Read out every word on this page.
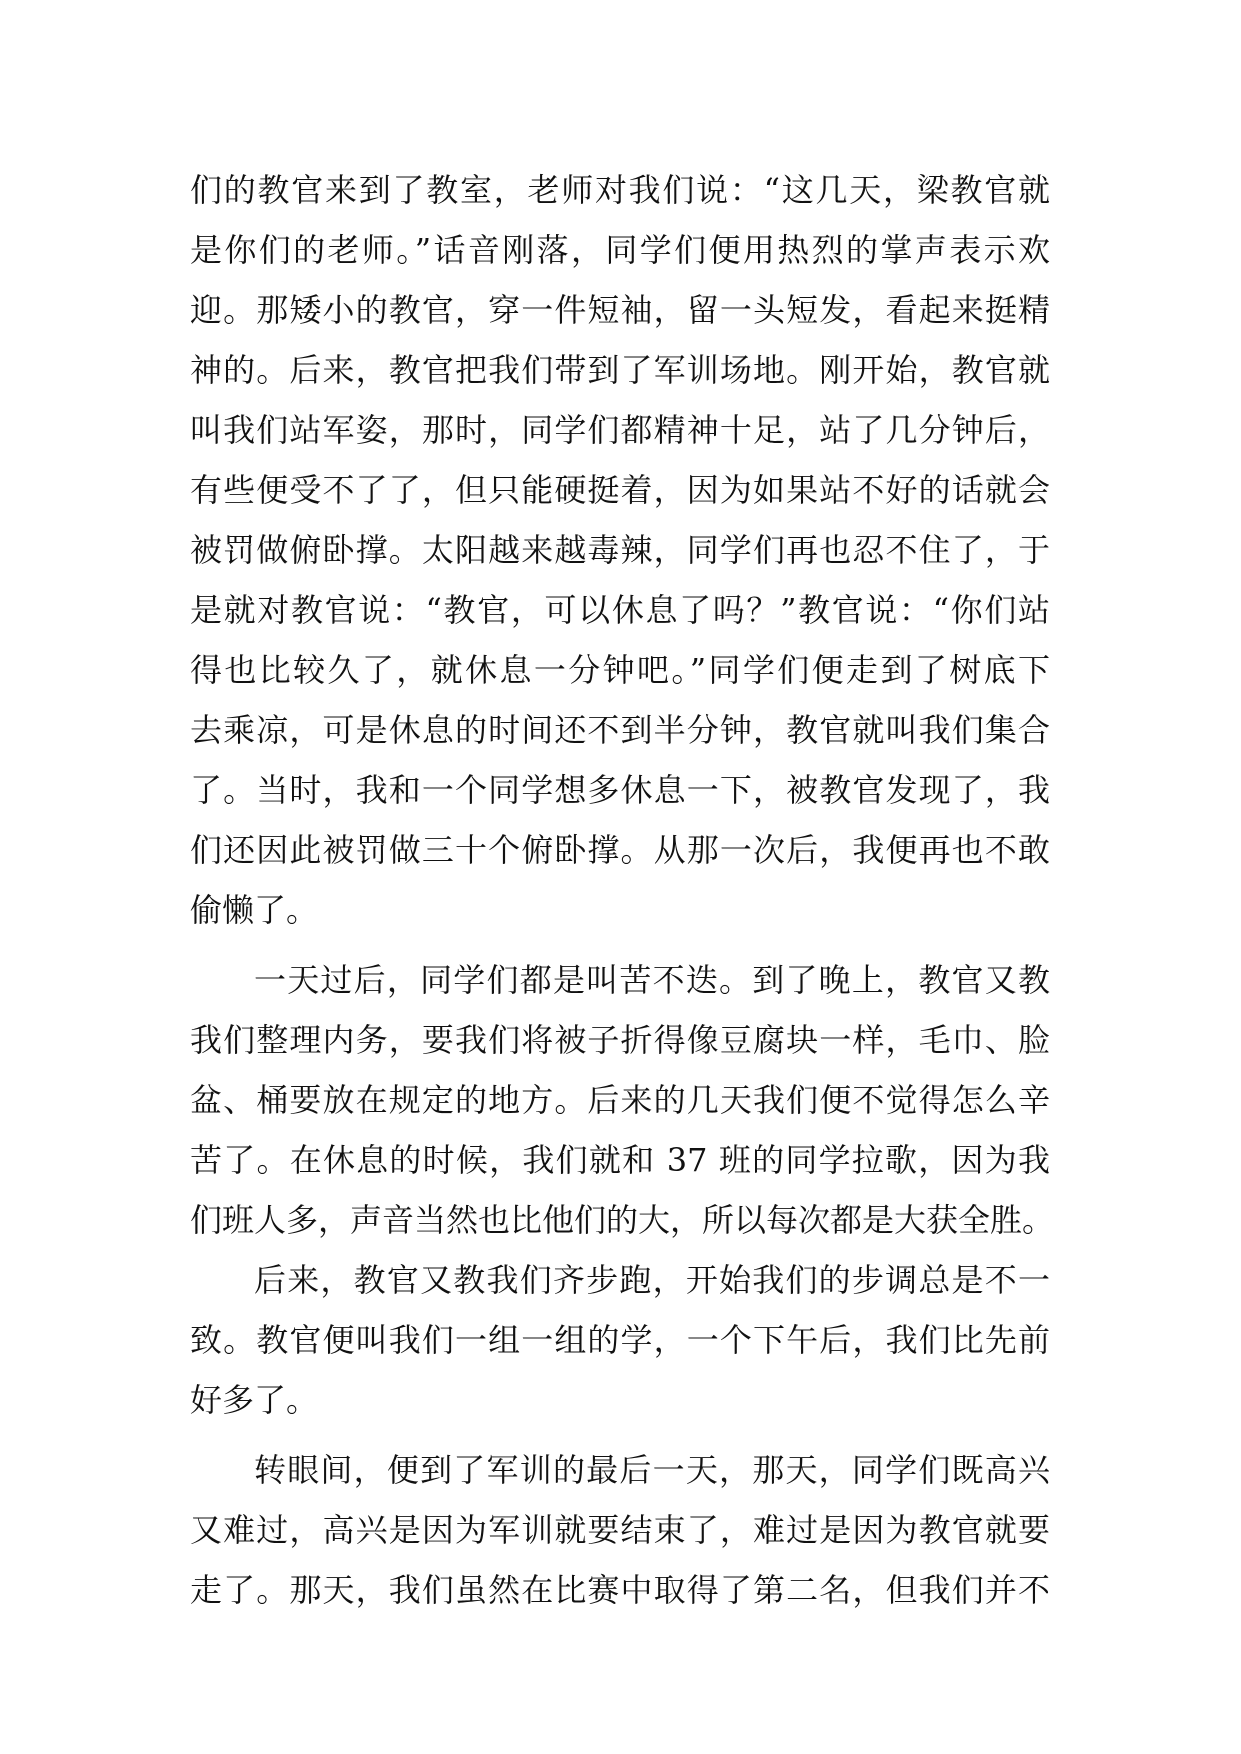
们的教官来到了教室，老师对我们说：“这几天，梁教官就
是你们的老师。”话音刚落，同学们便用热烈的掌声表示欢
迎。那矮小的教官，穿一件短袖，留一头短发，看起来挺精
神的。后来，教官把我们带到了军训场地。刚开始，教官就
叫我们站军姿，那时，同学们都精神十足，站了几分钟后，
有些便受不了了，但只能硬挺着，因为如果站不好的话就会
被罚做俯卧撑。太阳越来越毒辣，同学们再也忍不住了，于
是就对教官说：“教官，可以休息了吗？”教官说：“你们站
得也比较久了，就休息一分钟吧。”同学们便走到了树底下
去乘凉，可是休息的时间还不到半分钟，教官就叫我们集合
了。当时，我和一个同学想多休息一下，被教官发现了，我
们还因此被罚做三十个俯卧撑。从那一次后，我便再也不敢
偷懒了。
一天过后，同学们都是叫苦不迭。到了晚上，教官又教
我们整理内务，要我们将被子折得像豆腐块一样，毛巾、脸
盆、桶要放在规定的地方。后来的几天我们便不觉得怎么辛
苦了。在休息的时候，我们就和 37 班的同学拉歌，因为我
们班人多，声音当然也比他们的大，所以每次都是大获全胜。
后来，教官又教我们齐步跑，开始我们的步调总是不一
致。教官便叫我们一组一组的学，一个下午后，我们比先前
好多了。
转眼间，便到了军训的最后一天，那天，同学们既高兴
又难过，高兴是因为军训就要结束了，难过是因为教官就要
走了。那天，我们虽然在比赛中取得了第二名，但我们并不
